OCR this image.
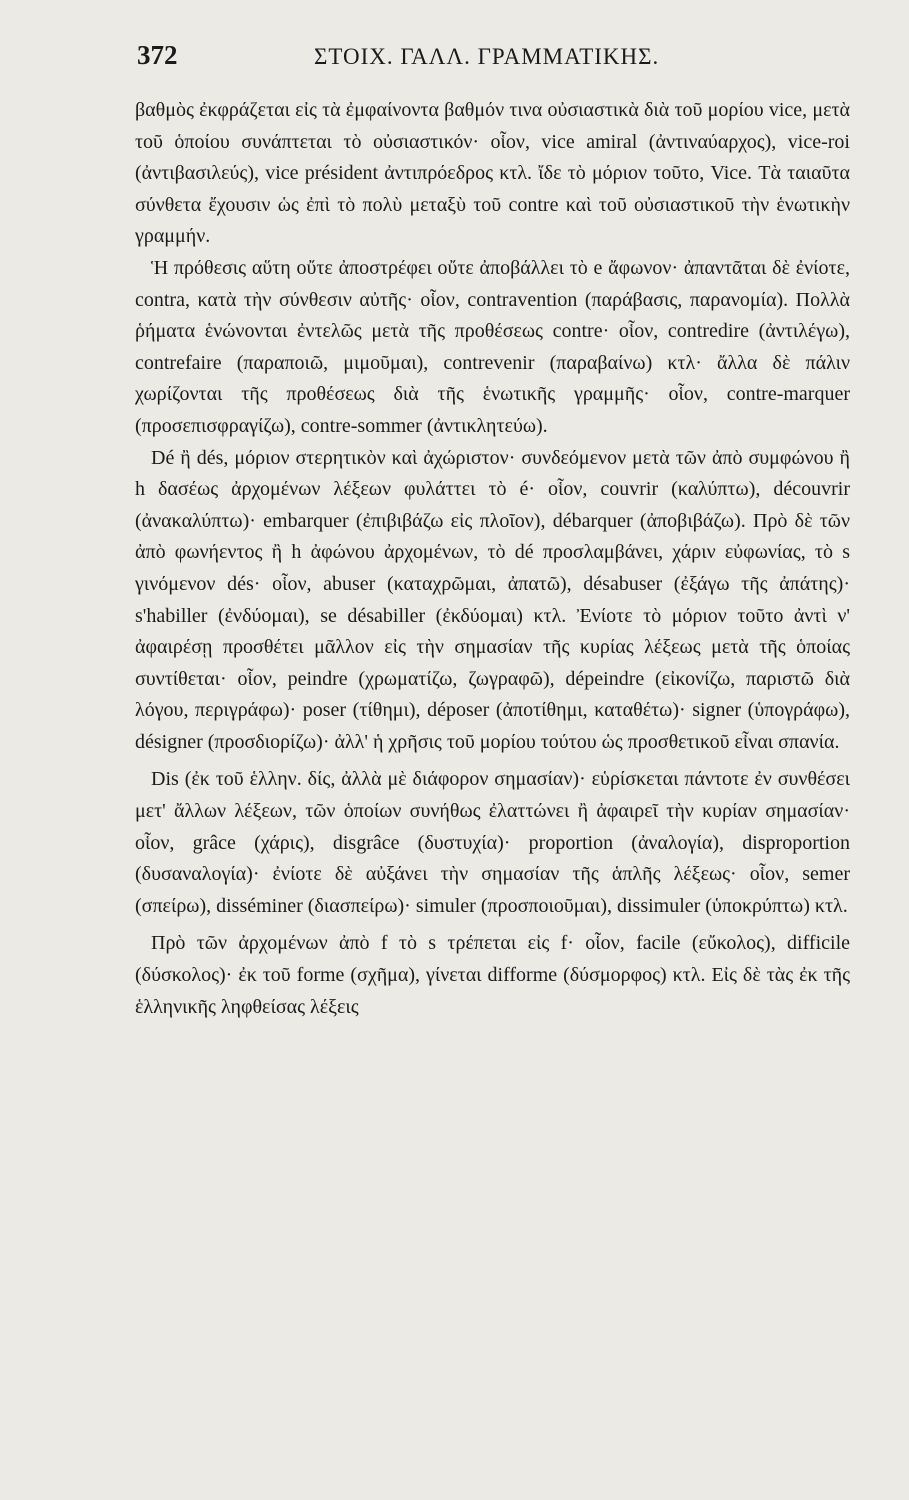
372	ΣΤΟΙΧ. ΓΑΛΛ. ΓΡΑΜΜΑΤΙΚΗΣ.

βαθμὸς ἐκφράζεται εἰς τὰ ἐμφαίνοντα βαθμόν τινα οὐσιαστικὰ διὰ τοῦ μορίου vice, μετὰ τοῦ ὁποίου συνάπτεται τὸ οὐσιαστικόν· οἷον, vice amiral (ἀντιναύαρχος), vice-roi (ἀντιβασιλεύς), vice président ἀντιπρόεδρος κτλ. ἴδε τὸ μόριον τοῦτο, Vice. Τὰ ταιαῦτα σύνθετα ἔχουσιν ὡς ἐπὶ τὸ πολὺ μεταξὺ τοῦ contre καὶ τοῦ οὐσιαστικοῦ τὴν ἑνωτικὴν γραμμήν.

Ἡ πρόθεσις αὕτη οὔτε ἀποστρέφει οὔτε ἀποβάλλει τὸ e ἄφωνον· ἀπαντᾶται δὲ ἐνίοτε, contra, κατὰ τὴν σύνθεσιν αὐτῆς· οἷον, contravention (παράβασις, παρανομία). Πολλὰ ῥήματα ἑνώνονται ἐντελῶς μετὰ τῆς προθέσεως contre· οἷον, contredire (ἀντιλέγω), contrefaire (παραποιῶ, μιμοῦμαι), contrevenir (παραβαίνω) κτλ· ἄλλα δὲ πάλιν χωρίζονται τῆς προθέσεως διὰ τῆς ἑνωτικῆς γραμμῆς· οἷον, contre-marquer (προσεπισφραγίζω), contre-sommer (ἀντικλητεύω).

Dé ἢ dés, μόριον στερητικὸν καὶ ἀχώριστον· συνδεόμενον μετὰ τῶν ἀπὸ συμφώνου ἢ h δασέως ἀρχομένων λέξεων φυλάττει τὸ é· οἷον, couvrir (καλύπτω), découvrir (ἀνακαλύπτω)· embarquer (ἐπιβιβάζω εἰς πλοῖον), débarquer (ἀποβιβάζω). Πρὸ δὲ τῶν ἀπὸ φωνήεντος ἢ h ἀφώνου ἀρχομένων, τὸ dé προσλαμβάνει, χάριν εὐφωνίας, τὸ s γινόμενον dés· οἷον, abuser (καταχρῶμαι, ἀπατῶ), désabuser (ἐξάγω τῆς ἀπάτης)· s'habiller (ἐνδύομαι), se désabiller (ἐκδύομαι) κτλ. Ἐνίοτε τὸ μόριον τοῦτο ἀντὶ ν' ἀφαιρέσῃ προσθέτει μᾶλλον εἰς τὴν σημασίαν τῆς κυρίας λέξεως μετὰ τῆς ὁποίας συντίθεται· οἷον, peindre (χρωματίζω, ζωγραφῶ), dépeindre (εἰκονίζω, παριστῶ διὰ λόγου, περιγράφω)· poser (τίθημι), déposer (ἀποτίθημι, καταθέτω)· signer (ὑπογράφω), désigner (προσδιορίζω)· ἀλλ' ἡ χρῆσις τοῦ μορίου τούτου ὡς προσθετικοῦ εἶναι σπανία.

Dis (ἐκ τοῦ ἑλλην. δίς, ἀλλὰ μὲ διάφορον σημασίαν)· εὑρίσκεται πάντοτε ἐν συνθέσει μετ' ἄλλων λέξεων, τῶν ὁποίων συνήθως ἐλαττώνει ἢ ἀφαιρεῖ τὴν κυρίαν σημασίαν· οἷον, grâce (χάρις), disgrâce (δυστυχία)· proportion (ἀναλογία), disproportion (δυσαναλογία)· ἐνίοτε δὲ αὐξάνει τὴν σημασίαν τῆς ἁπλῆς λέξεως· οἷον, semer (σπείρω), disséminer (διασπείρω)· simuler (προσποιοῦμαι), dissimuler (ὑποκρύπτω) κτλ.

Πρὸ τῶν ἀρχομένων ἀπὸ f τὸ s τρέπεται εἰς f· οἷον, facile (εὔκολος), difficile (δύσκολος)· ἐκ τοῦ forme (σχῆμα), γίνεται difforme (δύσμορφος) κτλ. Εἰς δὲ τὰς ἐκ τῆς ἑλληνικῆς ληφθείσας λέξεις
